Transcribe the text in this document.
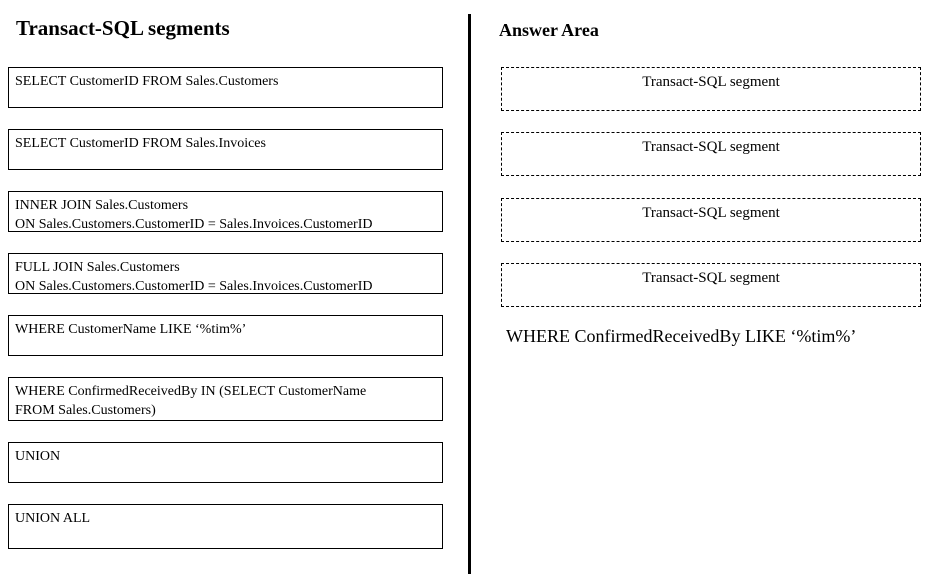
Transact-SQL segments
SELECT CustomerID FROM Sales.Customers
SELECT CustomerID FROM Sales.Invoices
INNER JOIN Sales.Customers
ON Sales.Customers.CustomerID = Sales.Invoices.CustomerID
FULL JOIN Sales.Customers
ON Sales.Customers.CustomerID = Sales.Invoices.CustomerID
WHERE CustomerName LIKE ‘%tim%’
WHERE ConfirmedReceivedBy IN (SELECT CustomerName
FROM Sales.Customers)
UNION
UNION ALL
Answer Area
Transact-SQL segment
Transact-SQL segment
Transact-SQL segment
Transact-SQL segment
WHERE ConfirmedReceivedBy LIKE ‘%tim%’
